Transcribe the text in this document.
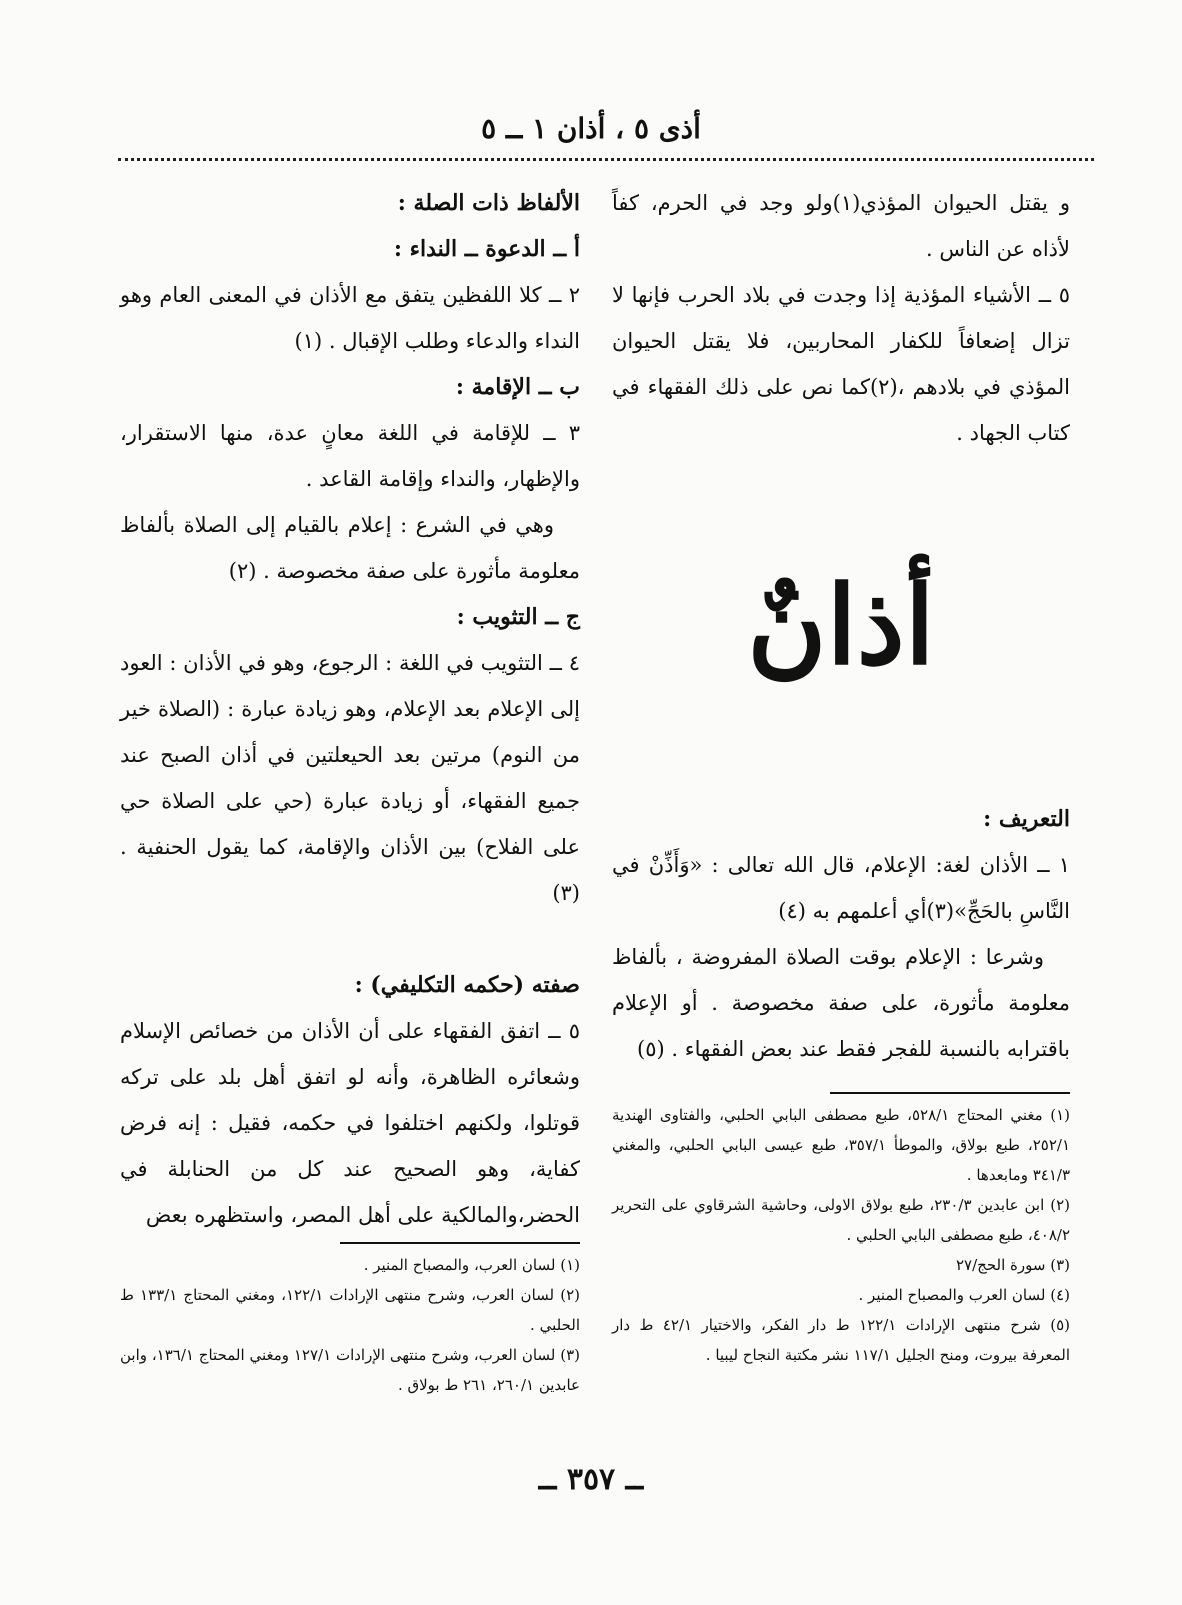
أذى ٥ ، أذان ١ ــ ٥

و يقتل الحيوان المؤذي(١)ولو وجد في الحرم، كفاً لأذاه عن الناس .

٥ ــ الأشياء المؤذية إذا وجدت في بلاد الحرب فإنها لا تزال إضعافاً للكفار المحاربين، فلا يقتل الحيوان المؤذي في بلادهم ،(٢)كما نص على ذلك الفقهاء في كتاب الجهاد .

أذانٌ
التعريف :

١ ــ الأذان لغة: الإعلام، قال الله تعالى : «وَأَذِّنْ في النَّاسِ بالحَجِّ»(٣)أي أعلمهم به (٤)

وشرعا : الإعلام بوقت الصلاة المفروضة ، بألفاظ معلومة مأثورة، على صفة مخصوصة . أو الإعلام باقترابه بالنسبة للفجر فقط عند بعض الفقهاء . (٥)

الألفاظ ذات الصلة :
أ ــ الدعوة ــ النداء :

٢ ــ كلا اللفظين يتفق مع الأذان في المعنى العام وهو النداء والدعاء وطلب الإقبال . (١)

ب ــ الإقامة :

٣ ــ للإقامة في اللغة معانٍ عدة، منها الاستقرار، والإظهار، والنداء وإقامة القاعد .

وهي في الشرع : إعلام بالقيام إلى الصلاة بألفاظ معلومة مأثورة على صفة مخصوصة . (٢)

ج ــ التثويب :

٤ ــ التثويب في اللغة : الرجوع، وهو في الأذان : العود إلى الإعلام بعد الإعلام، وهو زيادة عبارة : (الصلاة خير من النوم) مرتين بعد الحيعلتين في أذان الصبح عند جميع الفقهاء، أو زيادة عبارة (حي على الصلاة حي على الفلاح) بين الأذان والإقامة، كما يقول الحنفية . (٣)

صفته (حكمه التكليفي) :

٥ ــ اتفق الفقهاء على أن الأذان من خصائص الإسلام وشعائره الظاهرة، وأنه لو اتفق أهل بلد على تركه قوتلوا، ولكنهم اختلفوا في حكمه، فقيل : إنه فرض كفاية، وهو الصحيح عند كل من الحنابلة في الحضر،والمالكية على أهل المصر، واستظهره بعض

(١) مغني المحتاج ٥٢٨/١، طبع مصطفى البابي الحلبي، والفتاوى الهندية ٢٥٢/١، طبع بولاق، والموطأ ٣٥٧/١، طبع عيسى البابي الحلبي، والمغني ٣٤١/٣ ومابعدها .

(٢) ابن عابدين ٢٣٠/٣، طبع بولاق الاولى، وحاشية الشرقاوي على التحرير ٤٠٨/٢، طبع مصطفى البابي الحلبي .

(٣) سورة الحج/٢٧

(٤) لسان العرب والمصباح المنير .

(٥) شرح منتهى الإرادات ١٢٢/١ ط دار الفكر، والاختيار ٤٢/١ ط دار المعرفة بيروت، ومنح الجليل ١١٧/١ نشر مكتبة النجاح ليبيا .

(١) لسان العرب، والمصباح المنير .

(٢) لسان العرب، وشرح منتهى الإرادات ١٢٢/١، ومغني المحتاج ١٣٣/١ ط الحلبي .

(٣) لسان العرب، وشرح منتهى الإرادات ١٢٧/١ ومغني المحتاج ١٣٦/١، وابن عابدين ٢٦٠/١، ٢٦١ ط بولاق .

ــ ٣٥٧ ــ
